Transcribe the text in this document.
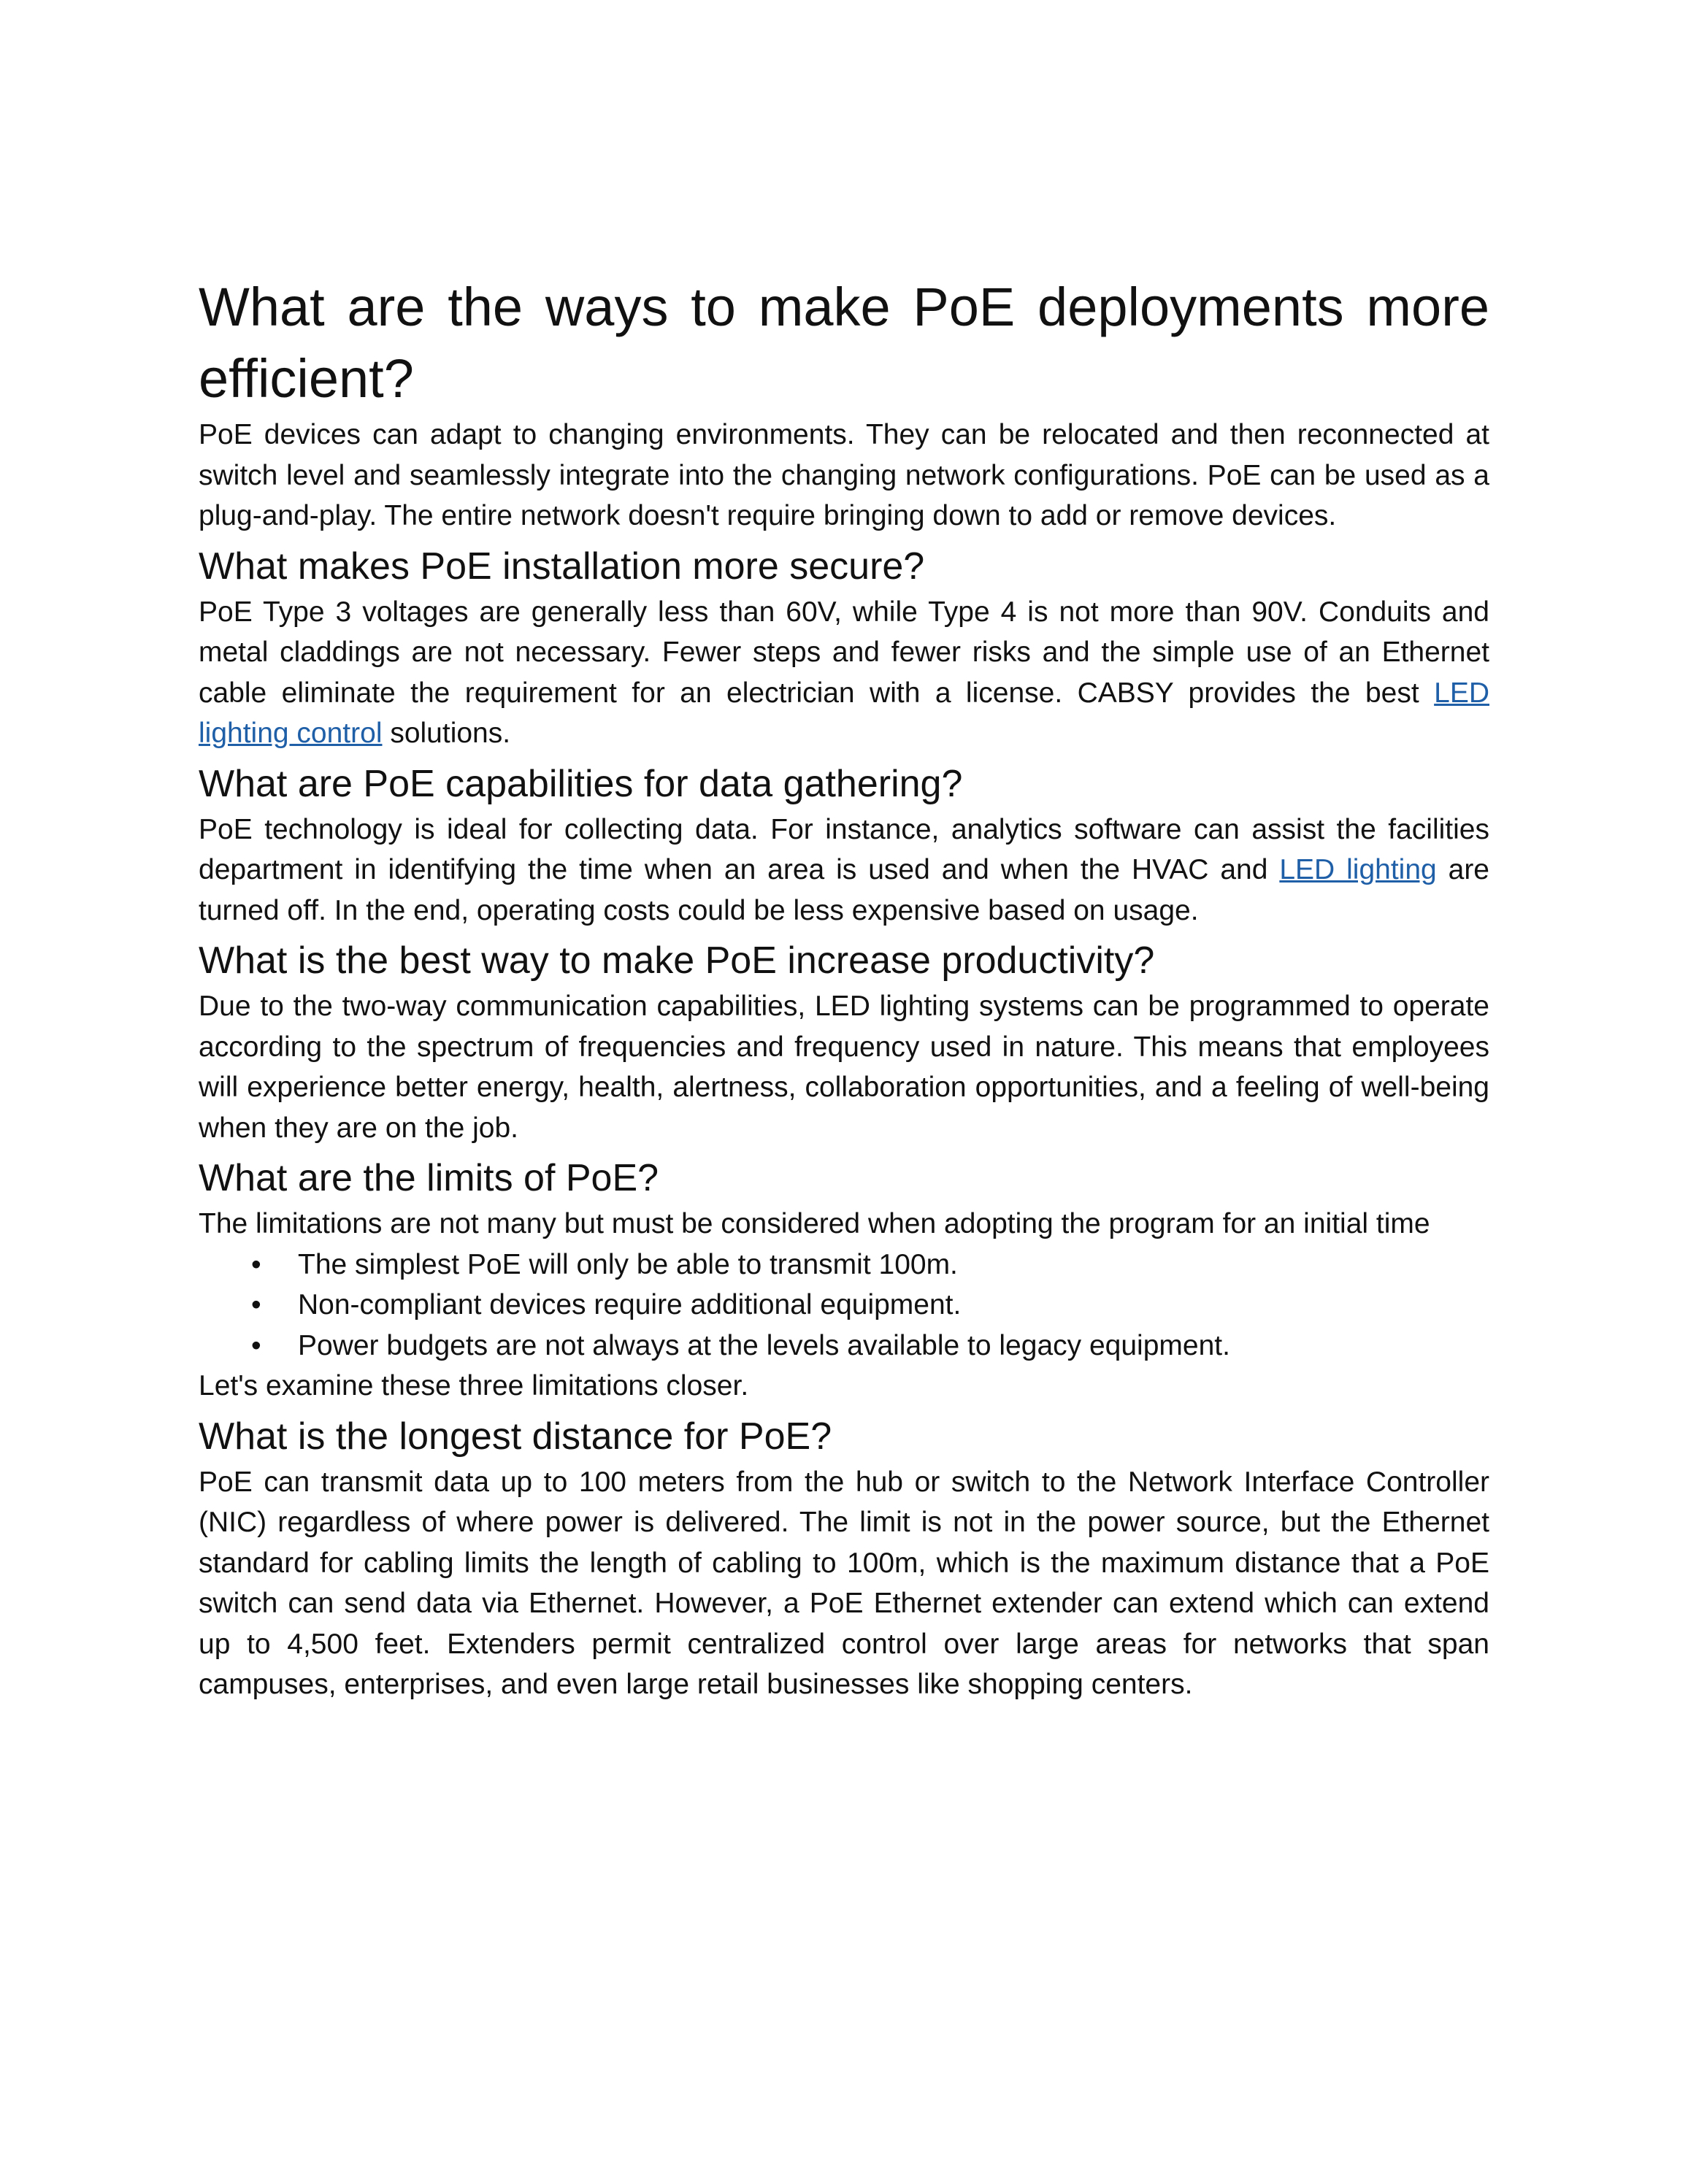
What are the ways to make PoE deployments more efficient?

PoE devices can adapt to changing environments. They can be relocated and then reconnected at switch level and seamlessly integrate into the changing network configurations. PoE can be used as a plug-and-play. The entire network doesn't require bringing down to add or remove devices.

What makes PoE installation more secure?

PoE Type 3 voltages are generally less than 60V, while Type 4 is not more than 90V. Conduits and metal claddings are not necessary. Fewer steps and fewer risks and the simple use of an Ethernet cable eliminate the requirement for an electrician with a license. CABSY provides the best LED lighting control solutions.

What are PoE capabilities for data gathering?

PoE technology is ideal for collecting data. For instance, analytics software can assist the facilities department in identifying the time when an area is used and when the HVAC and LED lighting are turned off. In the end, operating costs could be less expensive based on usage.

What is the best way to make PoE increase productivity?

Due to the two-way communication capabilities, LED lighting systems can be programmed to operate according to the spectrum of frequencies and frequency used in nature. This means that employees will experience better energy, health, alertness, collaboration opportunities, and a feeling of well-being when they are on the job.

What are the limits of PoE?

The limitations are not many but must be considered when adopting the program for an initial time

• The simplest PoE will only be able to transmit 100m.
• Non-compliant devices require additional equipment.
• Power budgets are not always at the levels available to legacy equipment.

Let's examine these three limitations closer.

What is the longest distance for PoE?

PoE can transmit data up to 100 meters from the hub or switch to the Network Interface Controller (NIC) regardless of where power is delivered. The limit is not in the power source, but the Ethernet standard for cabling limits the length of cabling to 100m, which is the maximum distance that a PoE switch can send data via Ethernet. However, a PoE Ethernet extender can extend which can extend up to 4,500 feet. Extenders permit centralized control over large areas for networks that span campuses, enterprises, and even large retail businesses like shopping centers.
